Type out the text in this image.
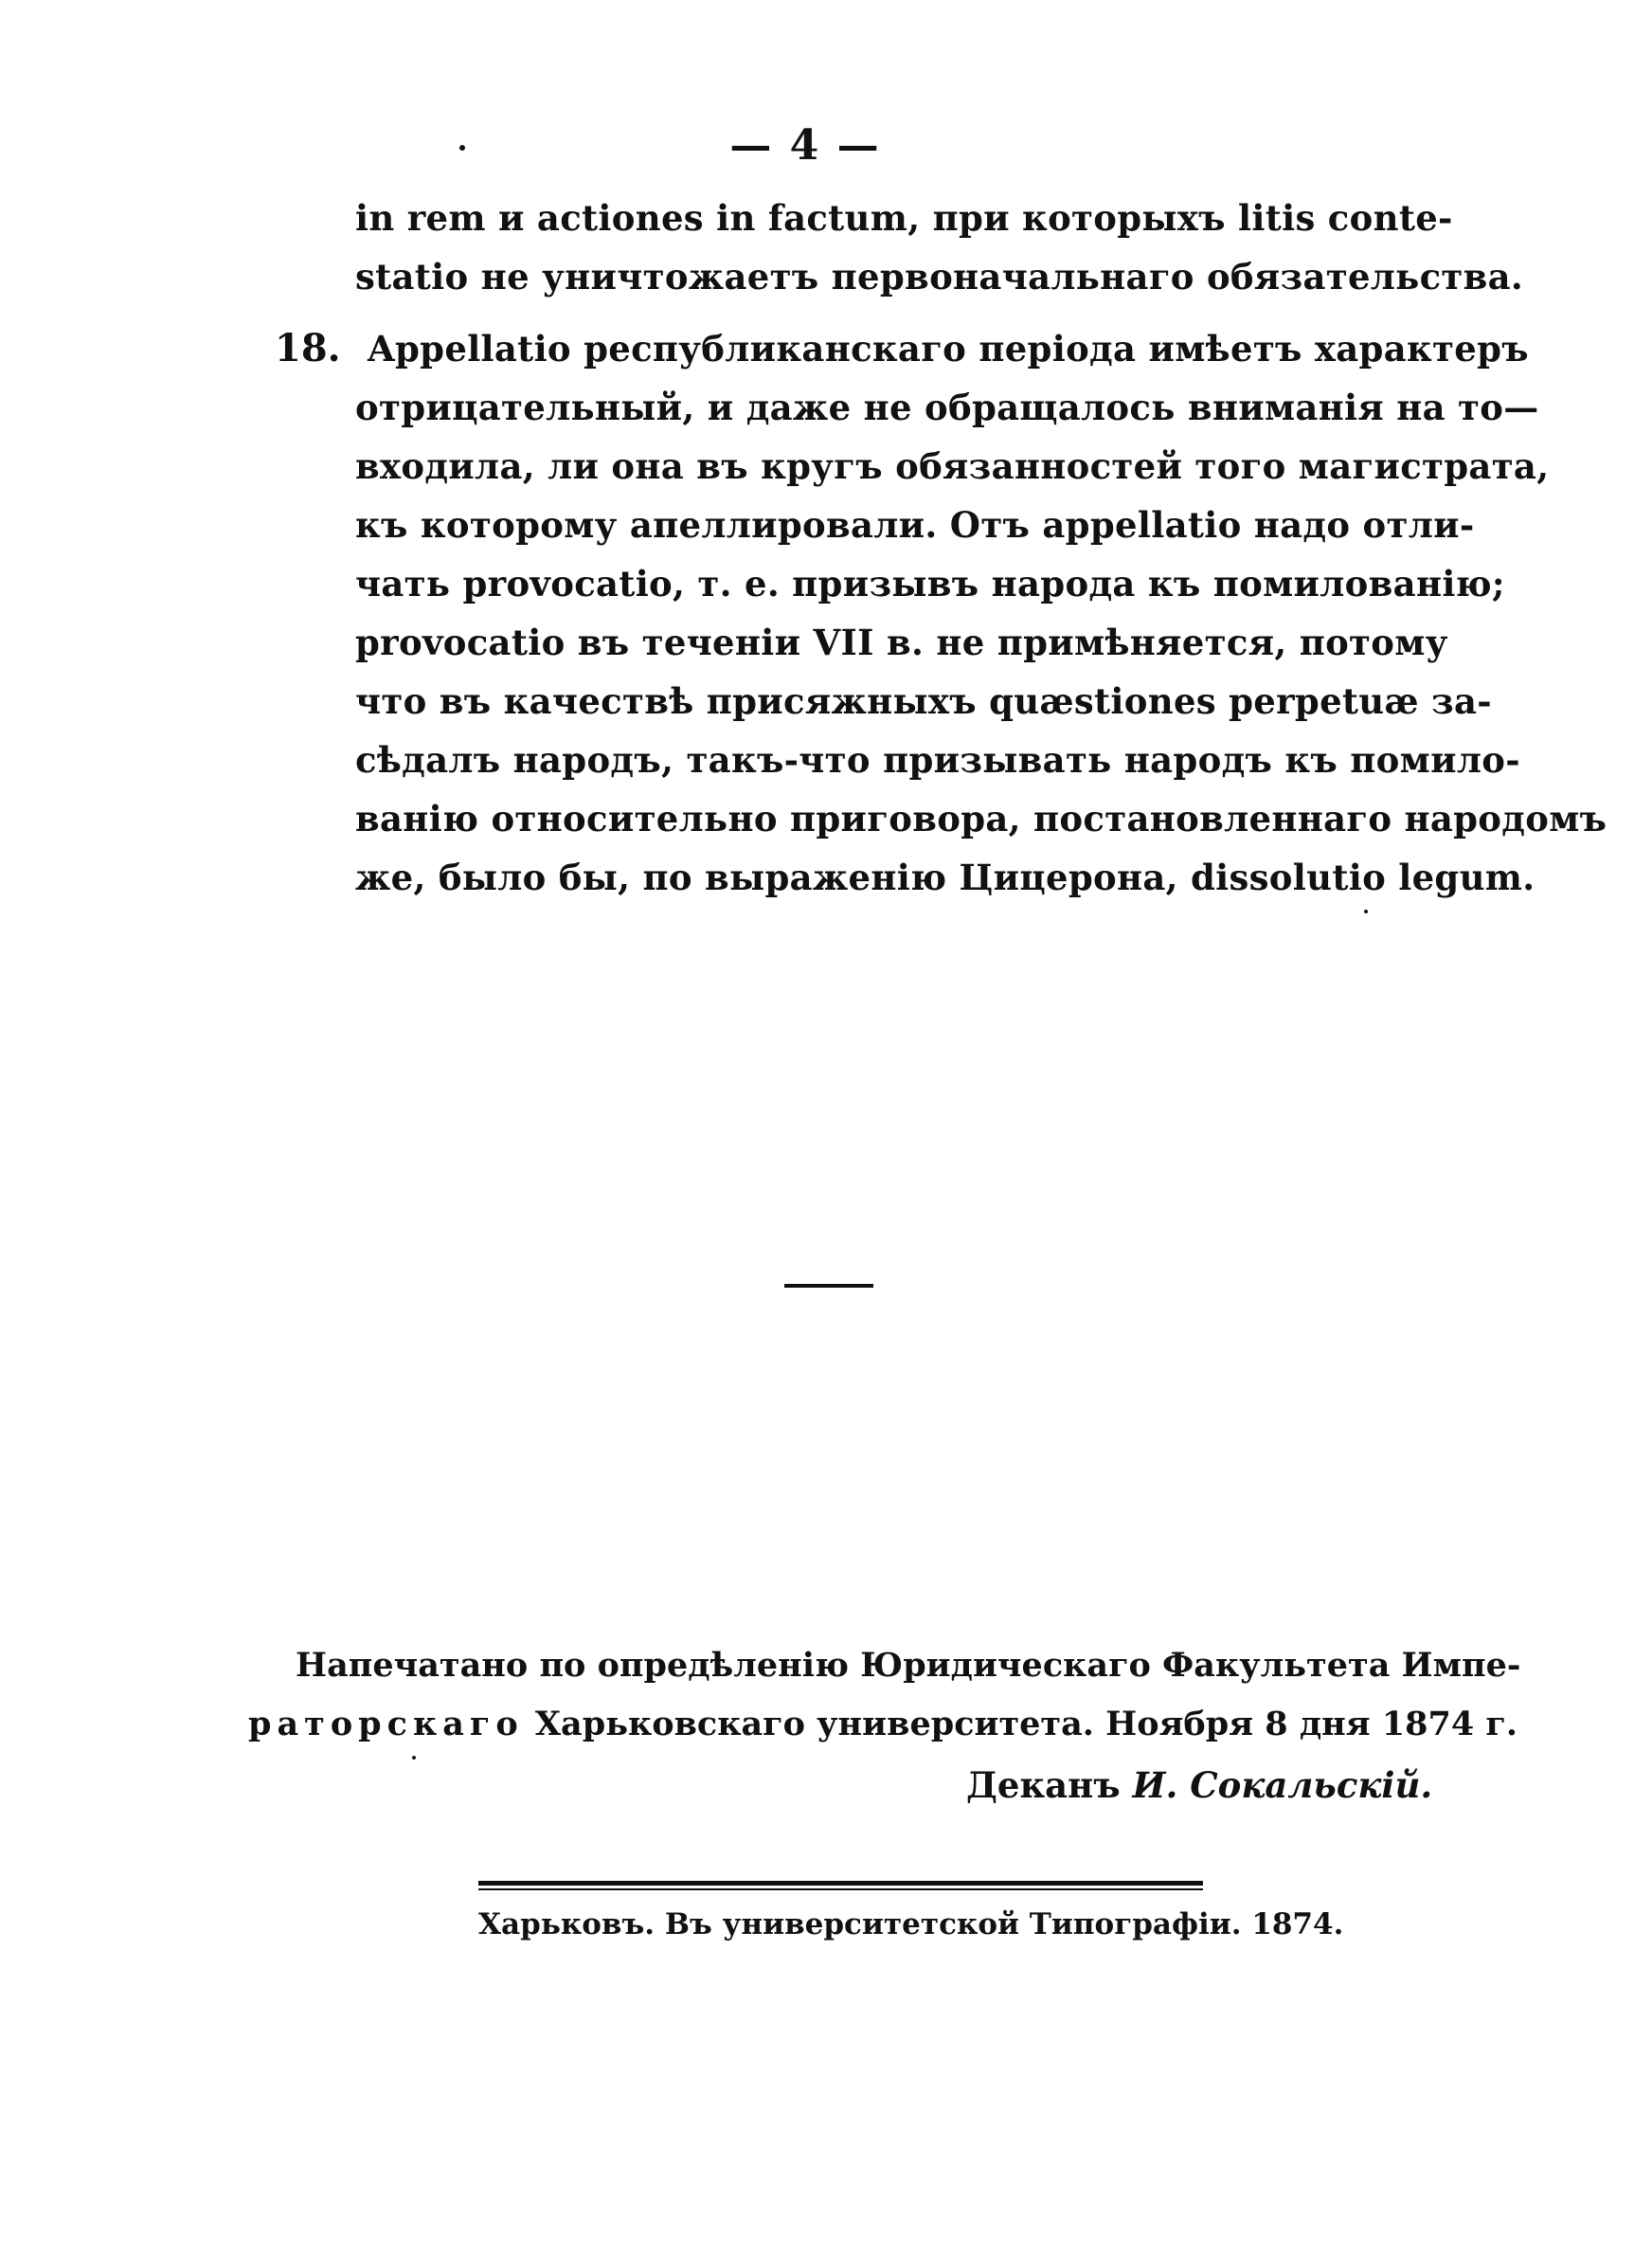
— 4 —
in rem и actiones in factum, при которыхъ litis conte-
statio не уничтожаетъ первоначальнаго обязательства.
18. Appellatio республиканскаго періода имѣетъ характеръ
отрицательный, и даже не обращалось вниманія на то—
входила, ли она въ кругъ обязанностей того магистрата,
къ которому апеллировали. Отъ appellatio надо отли-
чать provocatio, т. е. призывъ народа къ помилованію;
provocatio въ теченіи VII в. не примѣняется, потому
что въ качествѣ присяжныхъ quæstiones perpetuæ за-
сѣдалъ народъ, такъ-что призывать народъ къ помило-
ванію относительно приговора, постановленнаго народомъ
же, было бы, по выраженію Цицерона, dissolutio legum.
Напечатано по опредѣленію Юридическаго Факультета Импе-
раторскаго Харьковскаго университета. Ноября 8 дня 1874 г.
Деканъ И. Сокальскій.
Харьковъ. Въ университетской Типографіи. 1874.
